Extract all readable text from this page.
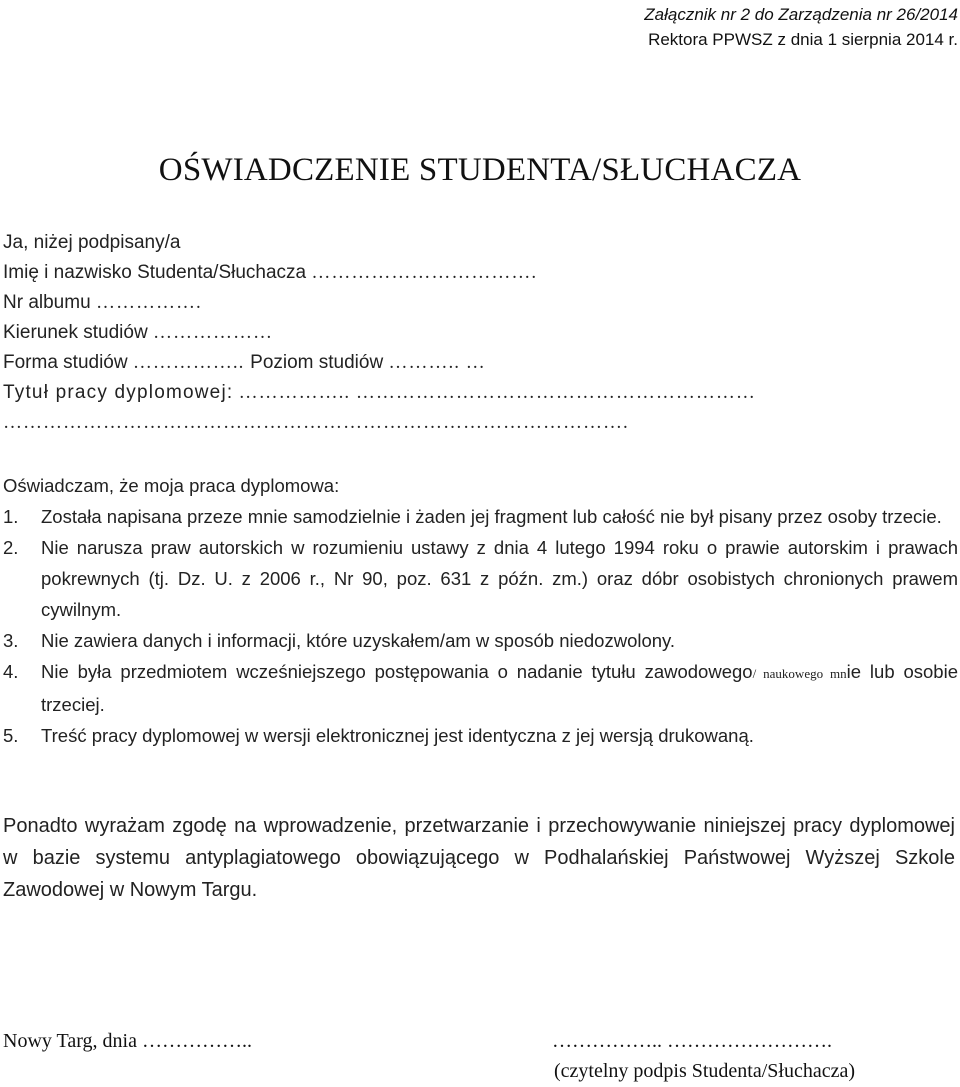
Załącznik nr 2 do Zarządzenia nr 26/2014
Rektora PPWSZ z dnia 1 sierpnia 2014 r.
OŚWIADCZENIE STUDENTA/SŁUCHACZA
Ja, niżej podpisany/a
Imię i nazwisko Studenta/Słuchacza …………………………….
Nr albumu …………….
Kierunek studiów ………………
Forma studiów …………….. Poziom studiów ……….. …
Tytuł pracy dyplomowej: …………….. ……………………………………………………
………………………………………………………………………………….

Oświadczam, że moja praca dyplomowa:

1. Została napisana przeze mnie samodzielnie i żaden jej fragment lub całość nie był pisany przez osoby trzecie.
2. Nie narusza praw autorskich w rozumieniu ustawy z dnia 4 lutego 1994 roku o prawie autorskim i prawach pokrewnych (tj. Dz. U. z 2006 r., Nr 90, poz. 631 z późn. zm.) oraz dóbr osobistych chronionych prawem cywilnym.
3. Nie zawiera danych i informacji, które uzyskałem/am w sposób niedozwolony.
4. Nie była przedmiotem wcześniejszego postępowania o nadanie tytułu zawodowego/ naukowego mnie lub osobie trzeciej.
5. Treść pracy dyplomowej w wersji elektronicznej jest identyczna z jej wersją drukowaną.
Ponadto wyrażam zgodę na wprowadzenie, przetwarzanie i przechowywanie niniejszej pracy dyplomowej w bazie systemu antyplagiatowego obowiązującego w Podhalańskiej Państwowej Wyższej Szkole Zawodowej w Nowym Targu.
Nowy Targ, dnia ……………..	…………….. …………………….
(czytelny podpis Studenta/Słuchacza)
